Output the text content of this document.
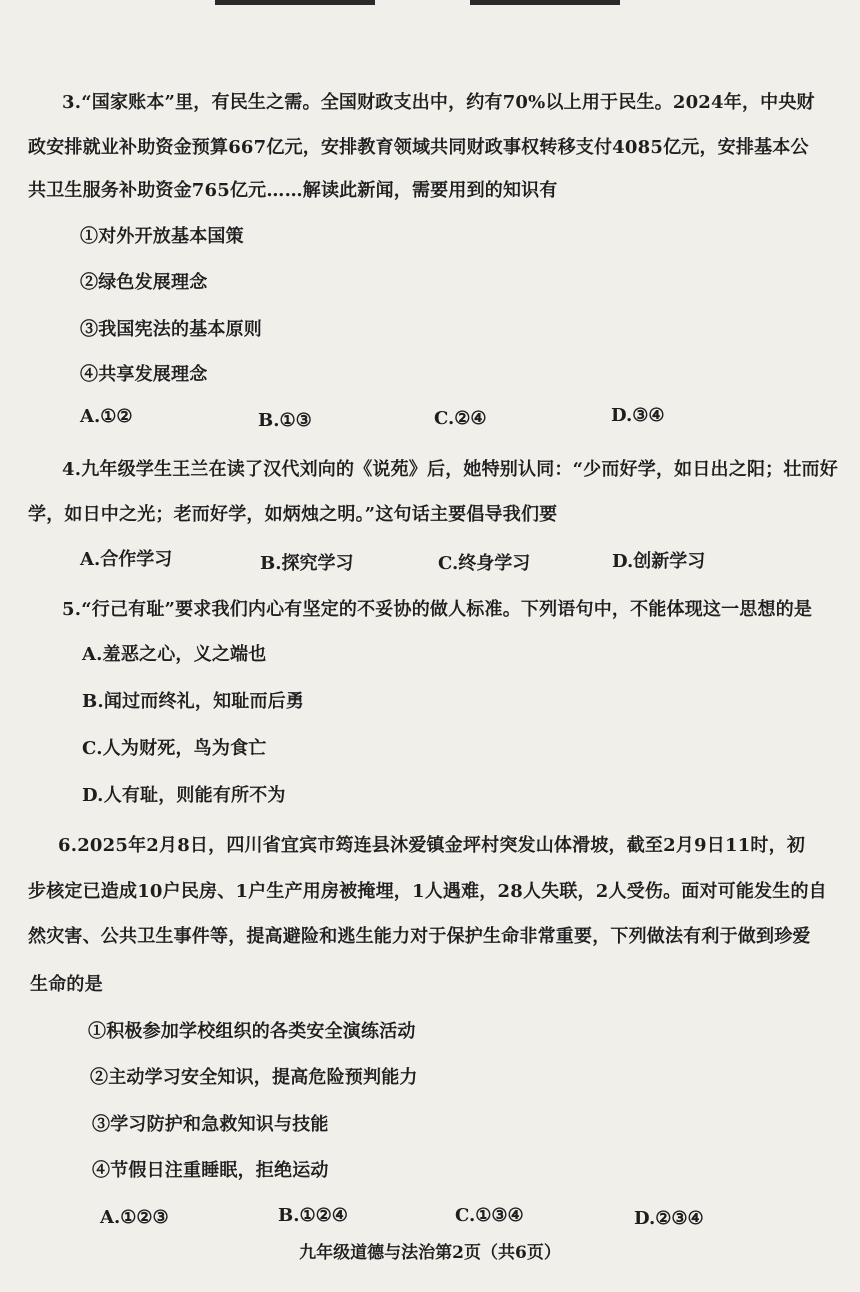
3.“国家账本”里，有民生之需。全国财政支出中，约有70%以上用于民生。2024年，中央财
政安排就业补助资金预算667亿元，安排教育领域共同财政事权转移支付4085亿元，安排基本公
共卫生服务补助资金765亿元……解读此新闻，需要用到的知识有
①对外开放基本国策
②绿色发展理念
③我国宪法的基本原则
④共享发展理念
A.①②	B.①③	C.②④	D.③④
4.九年级学生王兰在读了汉代刘向的《说苑》后，她特别认同：“少而好学，如日出之阳；壮而好
学，如日中之光；老而好学，如炳烛之明。”这句话主要倡导我们要
A.合作学习	B.探究学习	C.终身学习	D.创新学习
5.“行己有耻”要求我们内心有坚定的不妥协的做人标准。下列语句中，不能体现这一思想的是
A.羞恶之心，义之端也
B.闻过而终礼，知耻而后勇
C.人为财死，鸟为食亡
D.人有耻，则能有所不为
6.2025年2月8日，四川省宜宾市筠连县沐爱镇金坪村突发山体滑坡，截至2月9日11时，初
步核定已造成10户民房、1户生产用房被掩埋，1人遇难，28人失联，2人受伤。面对可能发生的自
然灾害、公共卫生事件等，提高避险和逃生能力对于保护生命非常重要，下列做法有利于做到珍爱
生命的是
①积极参加学校组织的各类安全演练活动
②主动学习安全知识，提高危险预判能力
③学习防护和急救知识与技能
④节假日注重睡眠，拒绝运动
A.①②③	B.①②④	C.①③④	D.②③④
九年级道德与法治第2页（共6页）
